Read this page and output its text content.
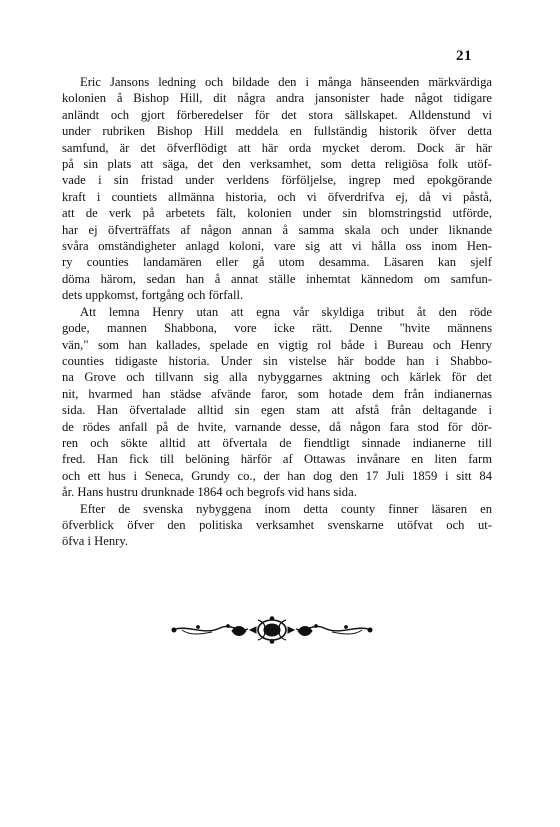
21
Eric Jansons ledning och bildade den i många hänseenden märkvärdiga
kolonien å Bishop Hill, dit några andra jansonister hade något tidigare
anländt och gjort förberedelser för det stora sällskapet. Alldenstund vi
under rubriken Bishop Hill meddela en fullständig historik öfver detta
samfund, är det öfverflödigt att här orda mycket derom. Dock är här
på sin plats att säga, det den verksamhet, som detta religiösa folk utöf-
vade i sin fristad under verldens förföljelse, ingrep med epokgörande
kraft i countiets allmänna historia, och vi öfverdrifva ej, då vi påstå,
att de verk på arbetets fält, kolonien under sin blomstringstid utförde,
har ej öfverträffats af någon annan å samma skala och under liknande
svåra omständigheter anlagd koloni, vare sig att vi hålla oss inom Hen-
ry counties landamären eller gå utom desamma. Läsaren kan sjelf
döma härom, sedan han å annat ställe inhemtat kännedom om samfun-
dets uppkomst, fortgång och förfall.
Att lemna Henry utan att egna vår skyldiga tribut åt den röde
gode, mannen Shabbona, vore icke rätt. Denne "hvite männens
vän," som han kallades, spelade en vigtig rol både i Bureau och Henry
counties tidigaste historia. Under sin vistelse här bodde han i Shabbo-
na Grove och tillvann sig alla nybyggarnes aktning och kärlek för det
nit, hvarmed han städse afvände faror, som hotade dem från indianernas
sida. Han öfvertalade alltid sin egen stam att afstå från deltagande i
de rödes anfall på de hvite, varnande desse, då någon fara stod för dör-
ren och sökte alltid att öfvertala de fiendtligt sinnade indianerne till
fred. Han fick till belöning härför af Ottawas invånare en liten farm
och ett hus i Seneca, Grundy co., der han dog den 17 Juli 1859 i sitt 84
år. Hans hustru drunknade 1864 och begrofs vid hans sida.
Efter de svenska nybyggena inom detta county finner läsaren en
öfverblick öfver den politiska verksamhet svenskarne utöfvat och ut-
öfva i Henry.
